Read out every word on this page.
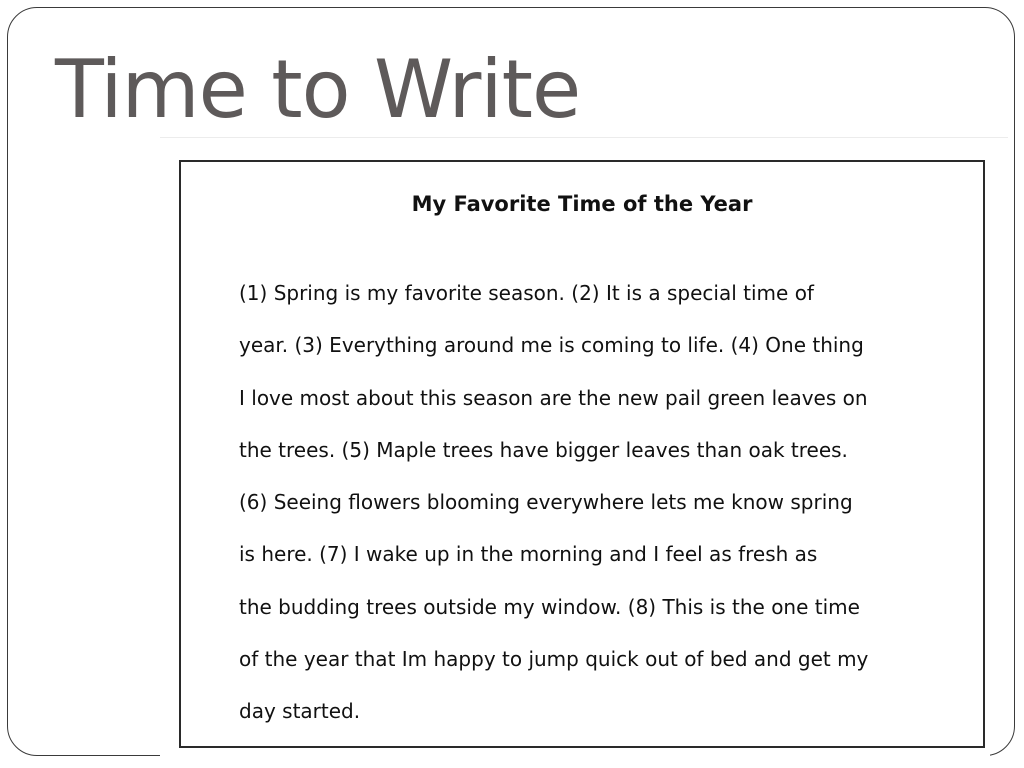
Time to Write
My Favorite Time of the Year
(1) Spring is my favorite season. (2) It is a special time of
year. (3) Everything around me is coming to life. (4) One thing
I love most about this season are the new pail green leaves on
the trees. (5) Maple trees have bigger leaves than oak trees.
(6) Seeing flowers blooming everywhere lets me know spring
is here. (7) I wake up in the morning and I feel as fresh as
the budding trees outside my window. (8) This is the one time
of the year that Im happy to jump quick out of bed and get my
day started.
